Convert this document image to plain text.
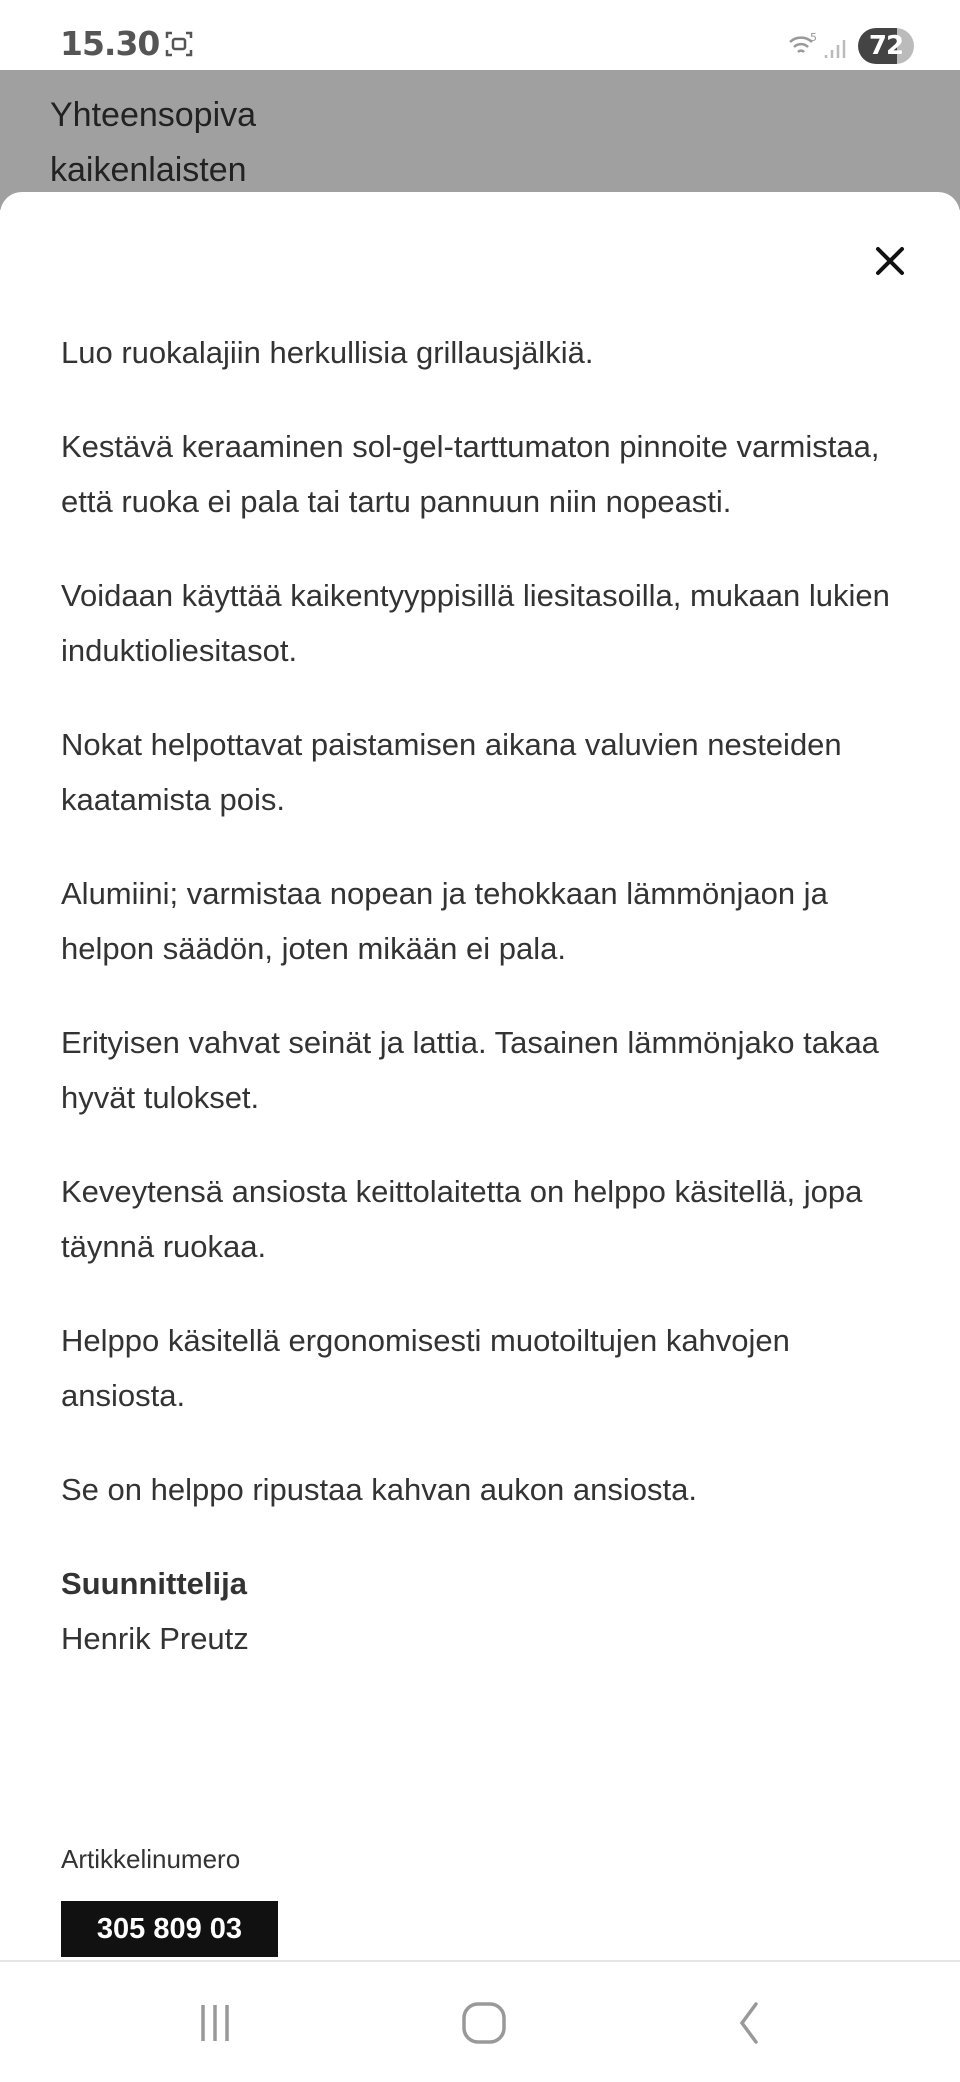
15.30	5	72
Yhteensopiva
kaikenlaisten

Luo ruokalajiin herkullisia grillausjälkiä.

Kestävä keraaminen sol-gel-tarttumaton pinnoite varmistaa, että ruoka ei pala tai tartu pannuun niin nopeasti.

Voidaan käyttää kaikentyyppisillä liesitasoilla, mukaan lukien induktioliesitasot.

Nokat helpottavat paistamisen aikana valuvien nesteiden kaatamista pois.

Alumiini; varmistaa nopean ja tehokkaan lämmönjaon ja helpon säädön, joten mikään ei pala.

Erityisen vahvat seinät ja lattia. Tasainen lämmönjako takaa hyvät tulokset.

Keveytensä ansiosta keittolaitetta on helppo käsitellä, jopa täynnä ruokaa.

Helppo käsitellä ergonomisesti muotoiltujen kahvojen ansiosta.

Se on helppo ripustaa kahvan aukon ansiosta.

Suunnittelija
Henrik Preutz
Artikkelinumero
305 809 03
